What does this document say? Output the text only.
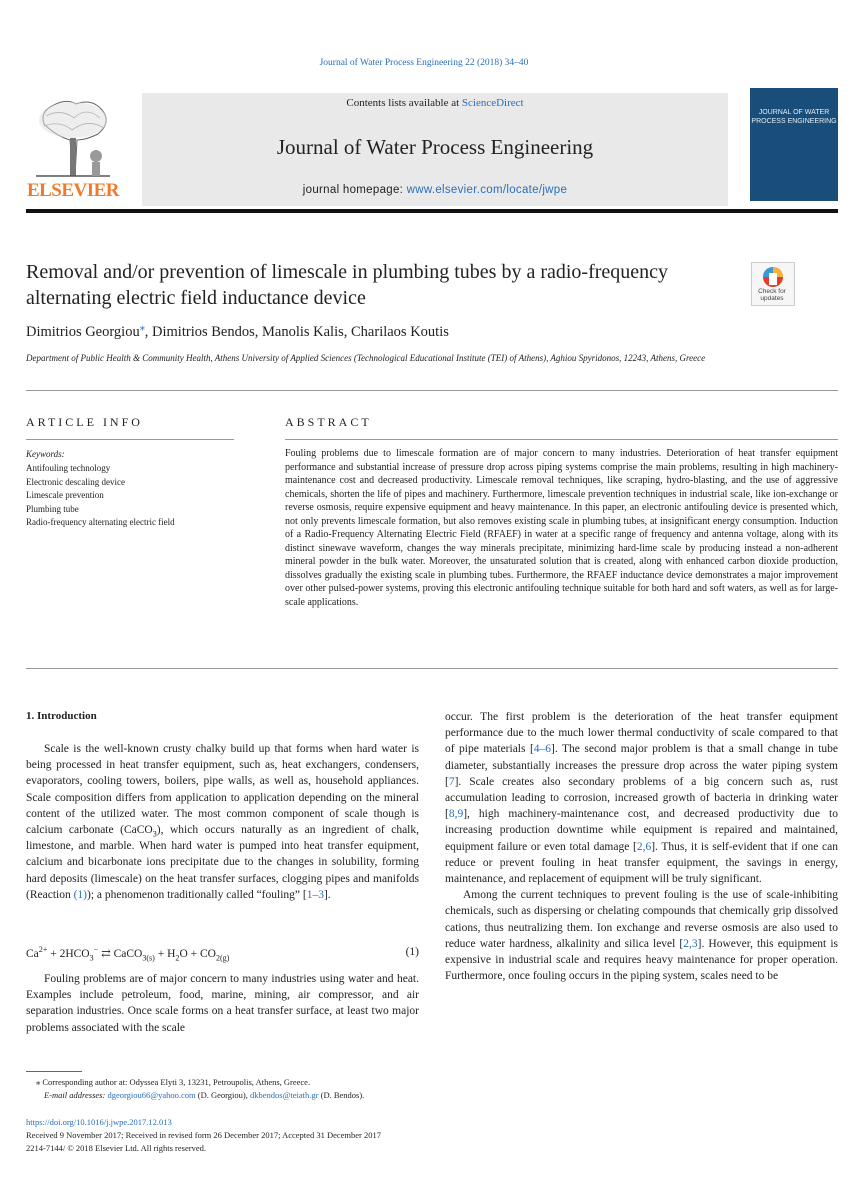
Journal of Water Process Engineering 22 (2018) 34–40
ELSEVIER
Contents lists available at ScienceDirect
Journal of Water Process Engineering
journal homepage: www.elsevier.com/locate/jwpe
JOURNAL OF WATER PROCESS ENGINEERING
Removal and/or prevention of limescale in plumbing tubes by a radio-frequency alternating electric field inductance device	Check for updates
Dimitrios Georgiou⁎, Dimitrios Bendos, Manolis Kalis, Charilaos Koutis
Department of Public Health & Community Health, Athens University of Applied Sciences (Technological Educational Institute (TEI) of Athens), Aghiou Spyridonos, 12243, Athens, Greece
ARTICLE INFO
Keywords:
Antifouling technology
Electronic descaling device
Limescale prevention
Plumbing tube
Radio-frequency alternating electric field
ABSTRACT
Fouling problems due to limescale formation are of major concern to many industries. Deterioration of heat transfer equipment performance and substantial increase of pressure drop across piping systems comprise the main problems, resulting in high machinery-maintenance cost and decreased productivity. Limescale removal techniques, like scraping, hydro-blasting, and the use of aggressive chemicals, shorten the life of pipes and machinery. Furthermore, limescale prevention techniques in industrial scale, like ion-exchange or reverse osmosis, require expensive equipment and heavy maintenance. In this paper, an electronic antifouling device is presented which, not only prevents limescale formation, but also removes existing scale in plumbing tubes, at insignificant energy consumption. Induction of a Radio-Frequency Alternating Electric Field (RFAEF) in water at a specific range of frequency and antenna voltage, along with its distinct sinewave waveform, changes the way minerals precipitate, minimizing hard-lime scale by producing instead a non-adherent mineral powder in the bulk water. Moreover, the unsaturated solution that is created, along with enhanced carbon dioxide production, dissolves gradually the existing scale in plumbing tubes. Furthermore, the RFAEF inductance device demonstrates a major improvement over other pulsed-power systems, proving this electronic antifouling technique suitable for both hard and soft waters, as well as for large-scale applications.
1. Introduction

Scale is the well-known crusty chalky build up that forms when hard water is being processed in heat transfer equipment, such as, heat exchangers, condensers, evaporators, cooling towers, boilers, pipe walls, as well as, household appliances. Scale composition differs from application to application depending on the mineral content of the utilized water. The most common component of scale though is calcium carbonate (CaCO$_3$), which occurs naturally as an ingredient of chalk, limestone, and marble. When hard water is pumped into heat transfer equipment, calcium and bicarbonate ions precipitate due to the changes in solubility, forming hard deposits (limescale) on the heat transfer surfaces, clogging pipes and manifolds (Reaction (1)); a phenomenon traditionally called “fouling” [1–3].

$Ca^{2+} + 2HCO_3^-$ ⇄ CaCO$_{3(s)}$ + $H_2O + CO_{2(g)}$	(1)

Fouling problems are of major concern to many industries using water and heat. Examples include petroleum, food, marine, mining, air compressor, and air separation industries. Once scale forms on a heat transfer surface, at least two major problems associated with the scale

occur. The first problem is the deterioration of the heat transfer equipment performance due to the much lower thermal conductivity of scale compared to that of pipe materials [4–6]. The second major problem is that a small change in tube diameter, substantially increases the pressure drop across the water piping system [7]. Scale creates also secondary problems of a big concern such as, rust accumulation leading to corrosion, increased growth of bacteria in drinking water [8,9], high machinery-maintenance cost, and decreased productivity due to increasing production downtime while equipment is repaired and maintained, equipment failure or even total damage [2,6]. Thus, it is self-evident that if one can reduce or prevent fouling in heat transfer equipment, the savings in energy, maintenance, and replacement of equipment will be truly significant.

Among the current techniques to prevent fouling is the use of scale-inhibiting chemicals, such as dispersing or chelating compounds that chemically grip dissolved cations, thus neutralizing them. Ion exchange and reverse osmosis are also used to reduce water hardness, alkalinity and silica level [2,3]. However, this equipment is expensive in industrial scale and requires heavy maintenance for proper operation. Furthermore, once fouling occurs in the piping system, scales need to be

⁎ Corresponding author at: Odyssea Elyti 3, 13231, Petroupolis, Athens, Greece.
E-mail addresses: dgeorgiou66@yahoo.com (D. Georgiou), dkbendos@teiath.gr (D. Bendos).
https://doi.org/10.1016/j.jwpe.2017.12.013
Received 9 November 2017; Received in revised form 26 December 2017; Accepted 31 December 2017
2214-7144/ © 2018 Elsevier Ltd. All rights reserved.
